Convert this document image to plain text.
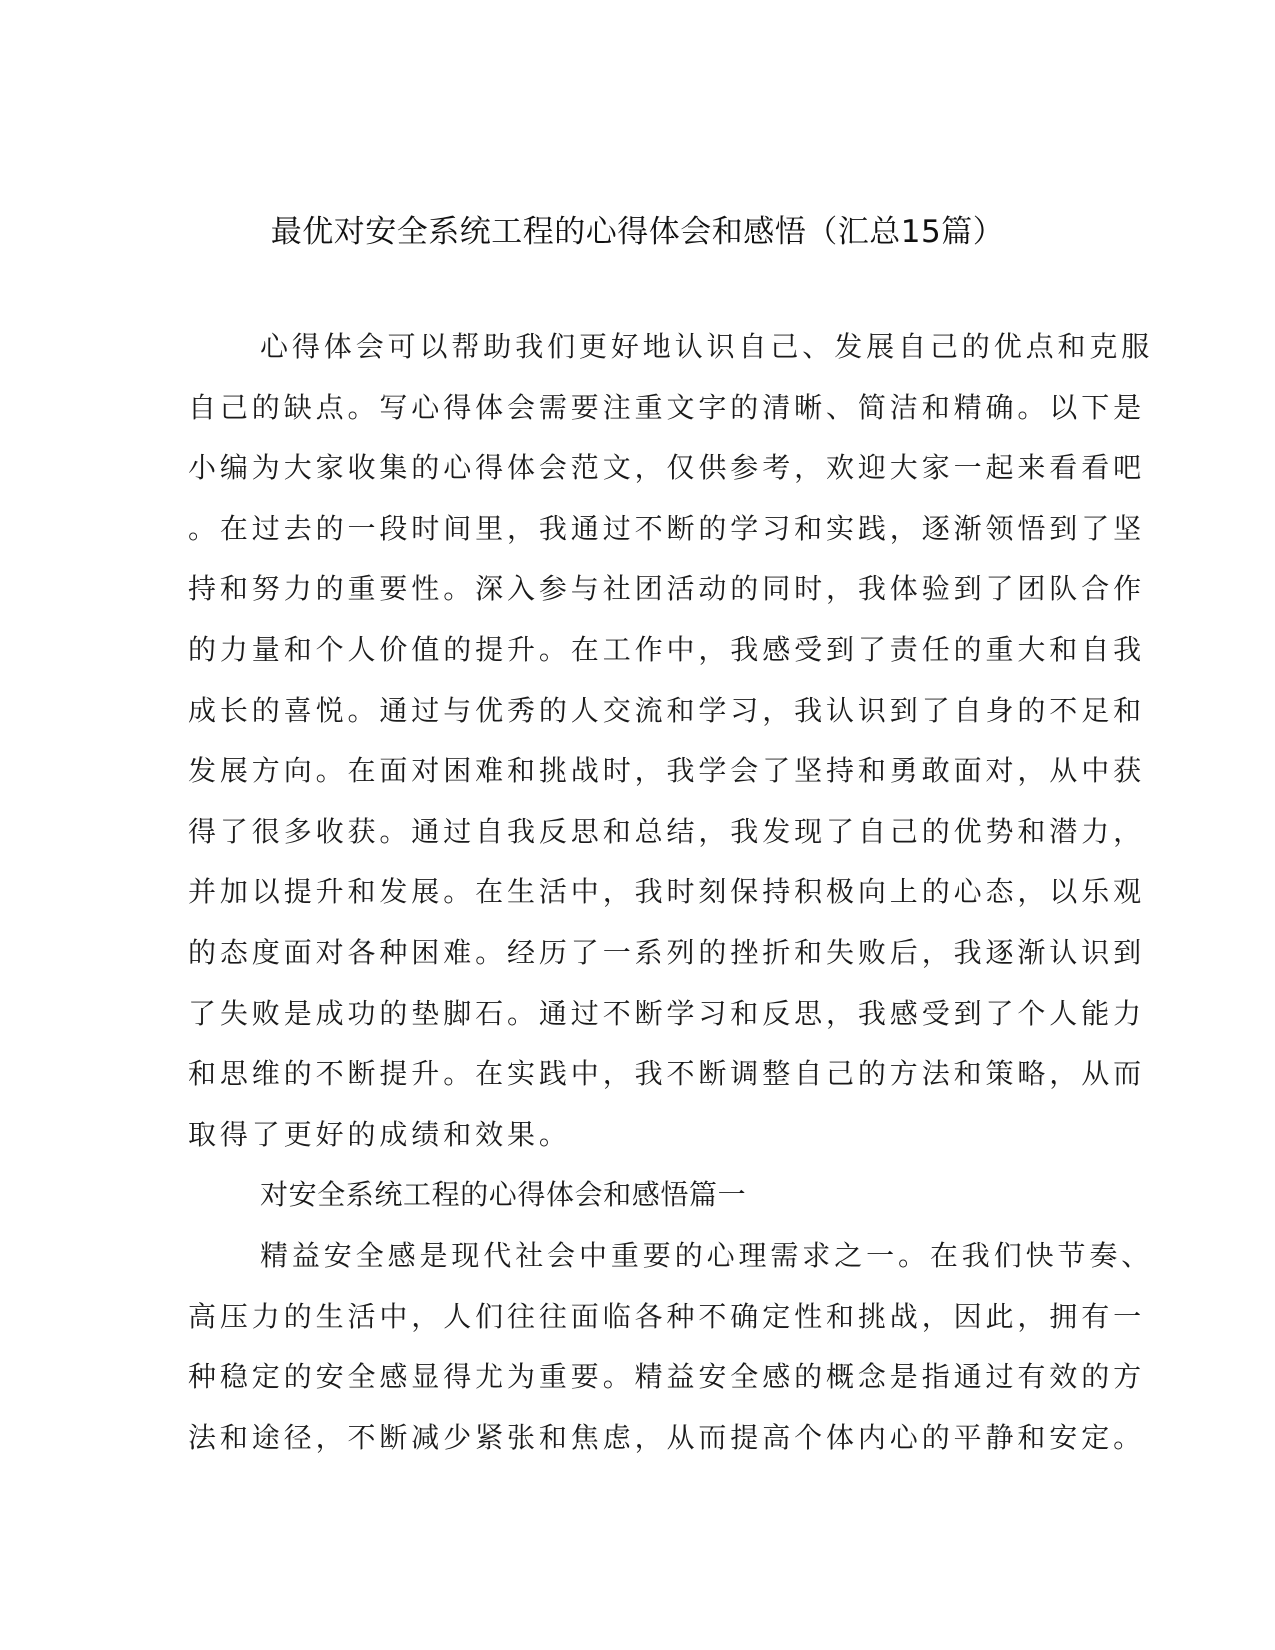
最优对安全系统工程的心得体会和感悟（汇总15篇）
心得体会可以帮助我们更好地认识自己、发展自己的优点和克服
自己的缺点。写心得体会需要注重文字的清晰、简洁和精确。以下是
小编为大家收集的心得体会范文，仅供参考，欢迎大家一起来看看吧
。在过去的一段时间里，我通过不断的学习和实践，逐渐领悟到了坚
持和努力的重要性。深入参与社团活动的同时，我体验到了团队合作
的力量和个人价值的提升。在工作中，我感受到了责任的重大和自我
成长的喜悦。通过与优秀的人交流和学习，我认识到了自身的不足和
发展方向。在面对困难和挑战时，我学会了坚持和勇敢面对，从中获
得了很多收获。通过自我反思和总结，我发现了自己的优势和潜力，
并加以提升和发展。在生活中，我时刻保持积极向上的心态，以乐观
的态度面对各种困难。经历了一系列的挫折和失败后，我逐渐认识到
了失败是成功的垫脚石。通过不断学习和反思，我感受到了个人能力
和思维的不断提升。在实践中，我不断调整自己的方法和策略，从而
取得了更好的成绩和效果。
对安全系统工程的心得体会和感悟篇一
精益安全感是现代社会中重要的心理需求之一。在我们快节奏、
高压力的生活中，人们往往面临各种不确定性和挑战，因此，拥有一
种稳定的安全感显得尤为重要。精益安全感的概念是指通过有效的方
法和途径，不断减少紧张和焦虑，从而提高个体内心的平静和安定。
